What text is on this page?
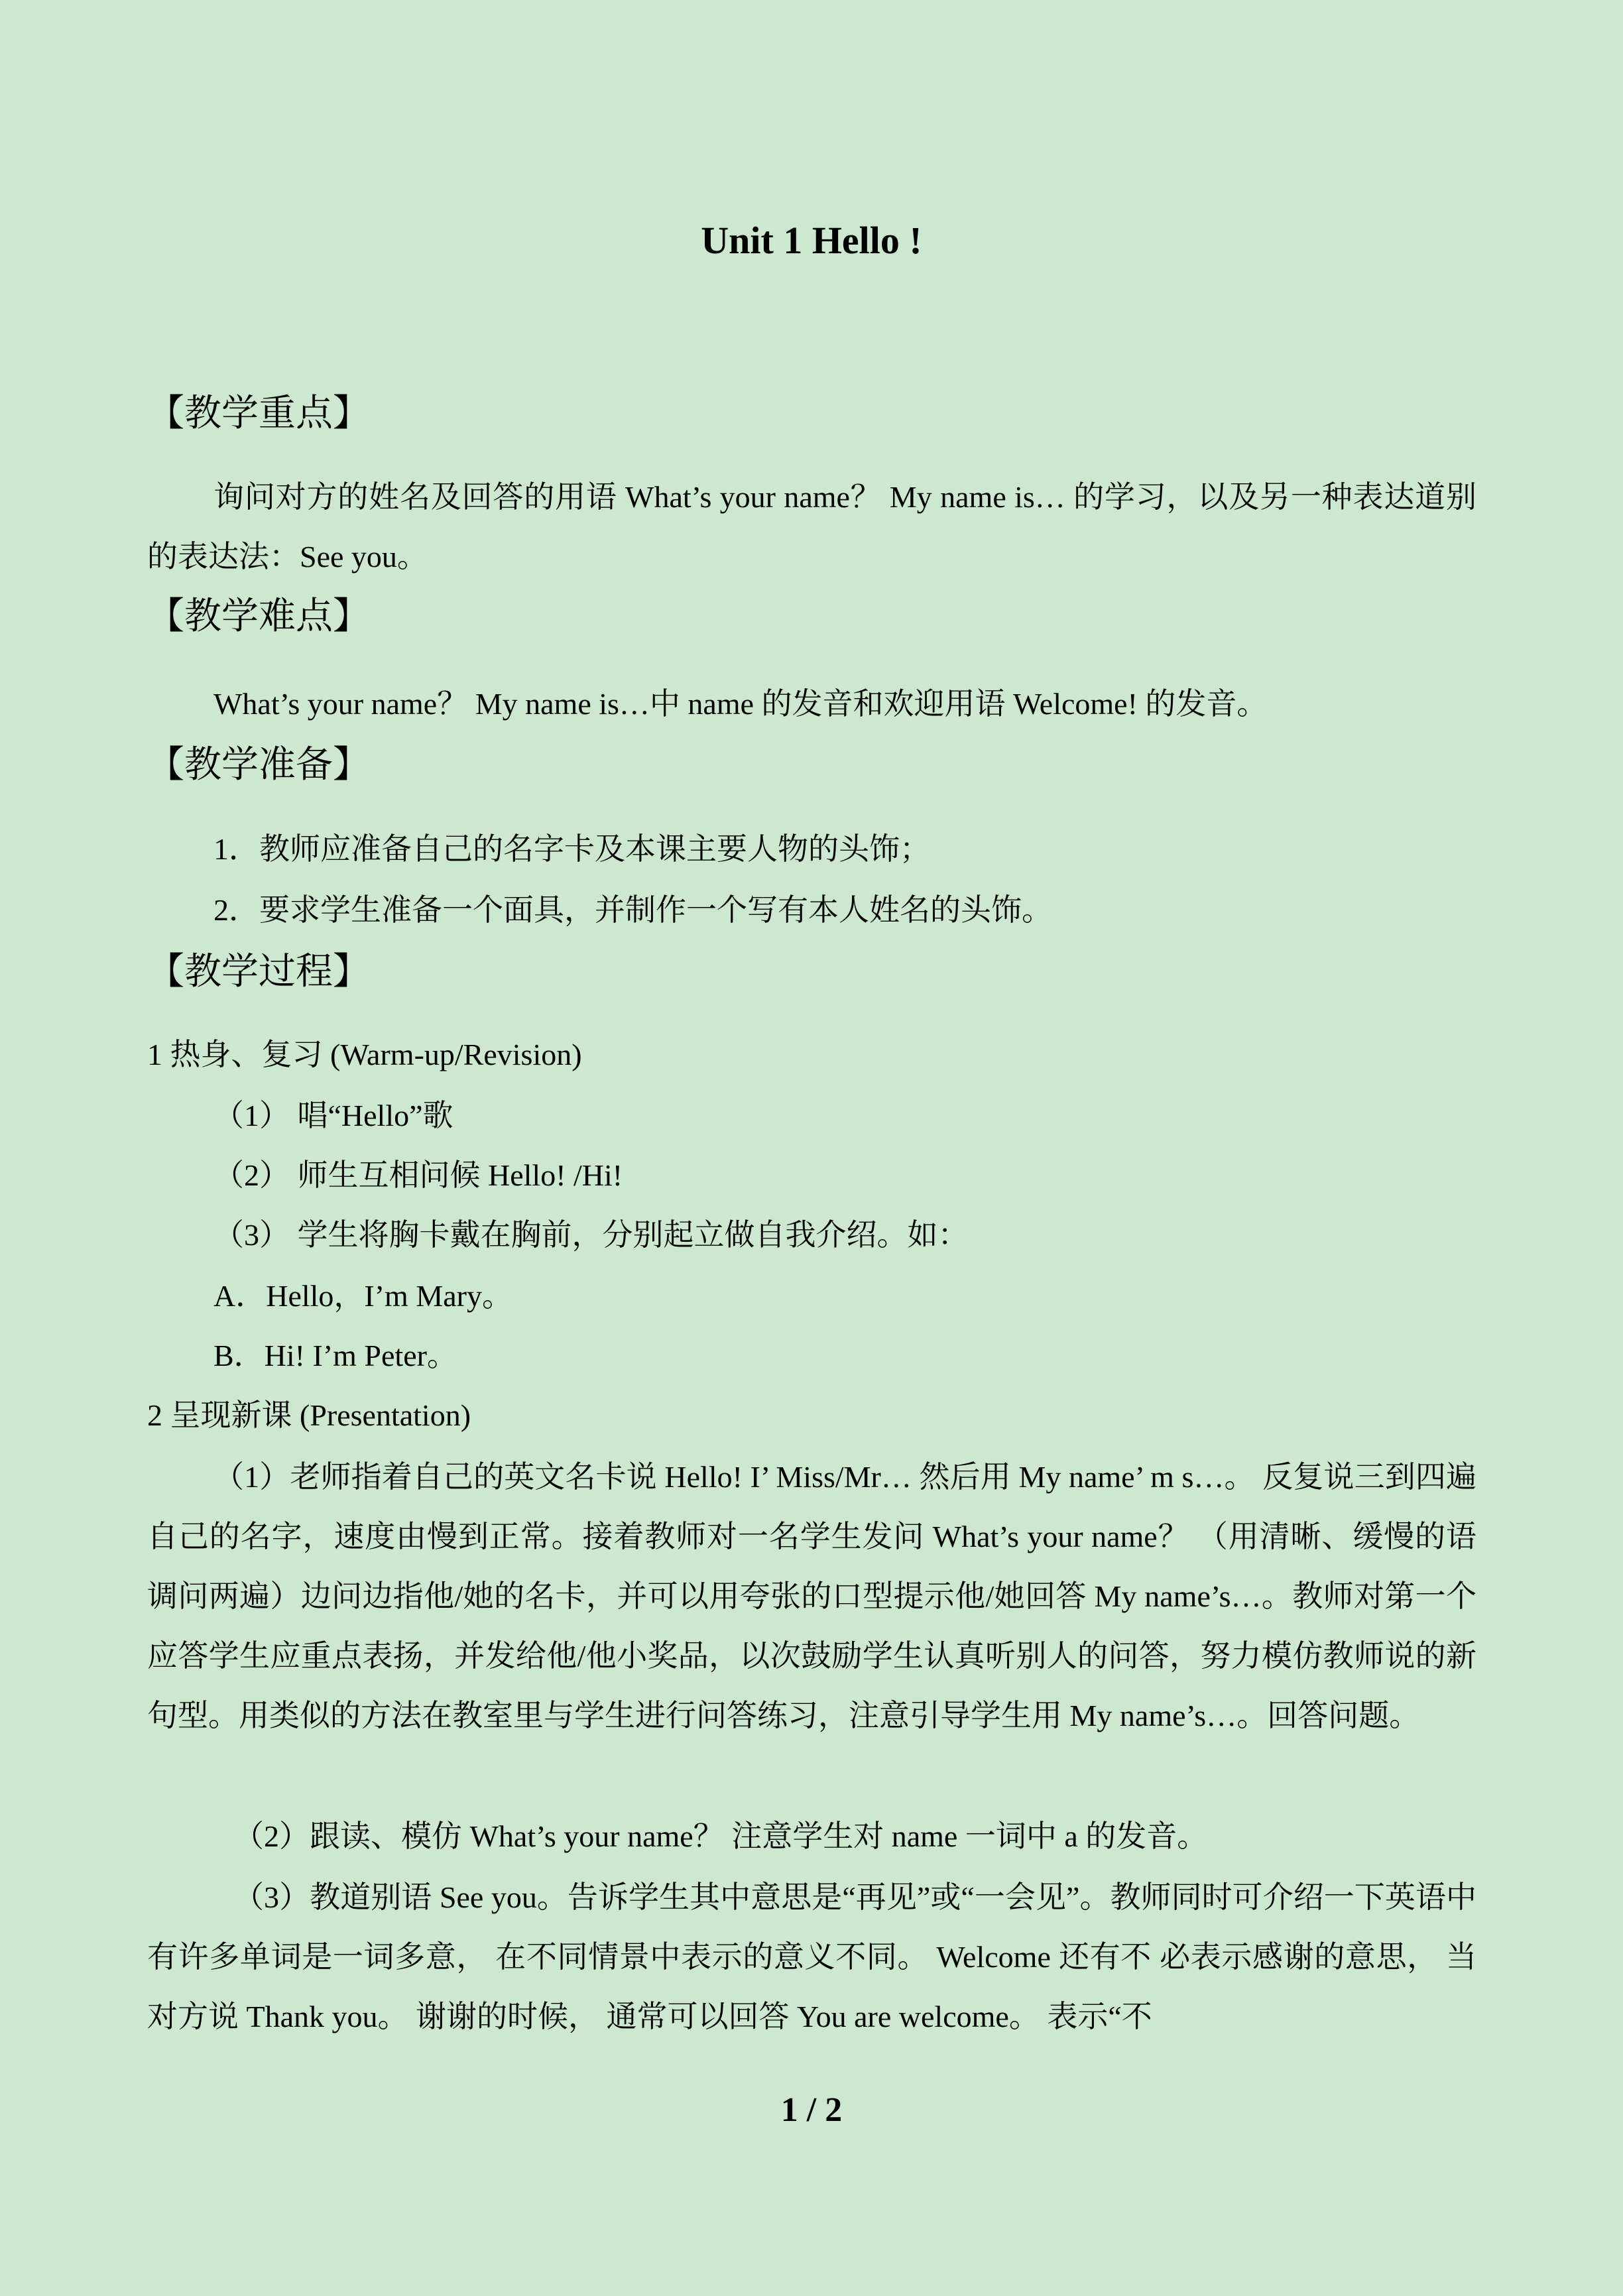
Unit 1 Hello !
【教学重点】
询问对方的姓名及回答的用语 What’s your name？ My name is… 的学习，以及另一种表达道别的表达法：See you。
【教学难点】
What’s your name？ My name is…中 name 的发音和欢迎用语 Welcome! 的发音。
【教学准备】
1．教师应准备自己的名字卡及本课主要人物的头饰；
2．要求学生准备一个面具，并制作一个写有本人姓名的头饰。
【教学过程】
1 热身、复习 (Warm-up/Revision)
（1） 唱“Hello”歌
（2） 师生互相问候 Hello! /Hi!
（3） 学生将胸卡戴在胸前，分别起立做自我介绍。如：
A．Hello，I’m Mary。
B．Hi! I’m Peter。
2 呈现新课 (Presentation)
（1）老师指着自己的英文名卡说 Hello! I’ Miss/Mr… 然后用 My name’ m s…。 反复说三到四遍自己的名字，速度由慢到正常。接着教师对一名学生发问 What’s your name？ （用清晰、缓慢的语调问两遍）边问边指他/她的名卡，并可以用夸张的口型提示他/她回答 My name’s…。教师对第一个应答学生应重点表扬，并发给他/他小奖品，以次鼓励学生认真听别人的问答，努力模仿教师说的新句型。用类似的方法在教室里与学生进行问答练习，注意引导学生用 My name’s…。回答问题。
（2）跟读、模仿 What’s your name？ 注意学生对 name 一词中 a 的发音。
（3）教道别语 See you。告诉学生其中意思是“再见”或“一会见”。教师同时可介绍一下英语中有许多单词是一词多意， 在不同情景中表示的意义不同。 Welcome 还有不 必表示感谢的意思， 当对方说 Thank you。 谢谢的时候， 通常可以回答 You are welcome。 表示“不
1 / 2
